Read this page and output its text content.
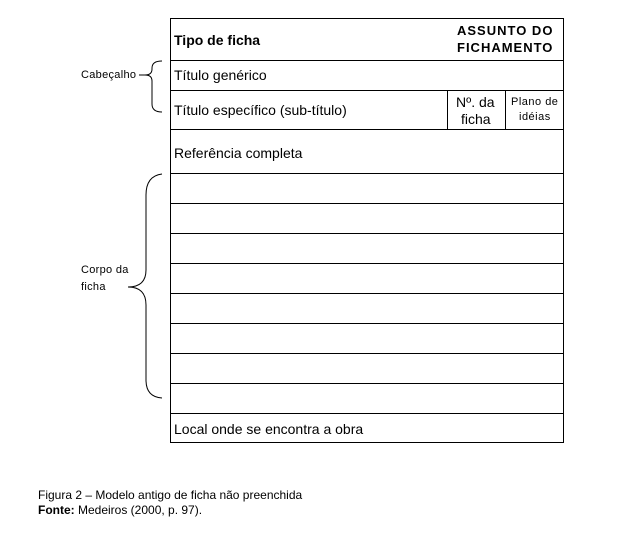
Tipo de ficha
ASSUNTO DO
FICHAMENTO
Título genérico
Título específico (sub-título)	Nº. da
ficha
Plano de
idéias
Referência completa
Local onde se encontra a obra
Cabeçalho
Corpo da
ficha
Figura 2 – Modelo antigo de ficha não preenchida
Fonte: Medeiros (2000, p. 97).
